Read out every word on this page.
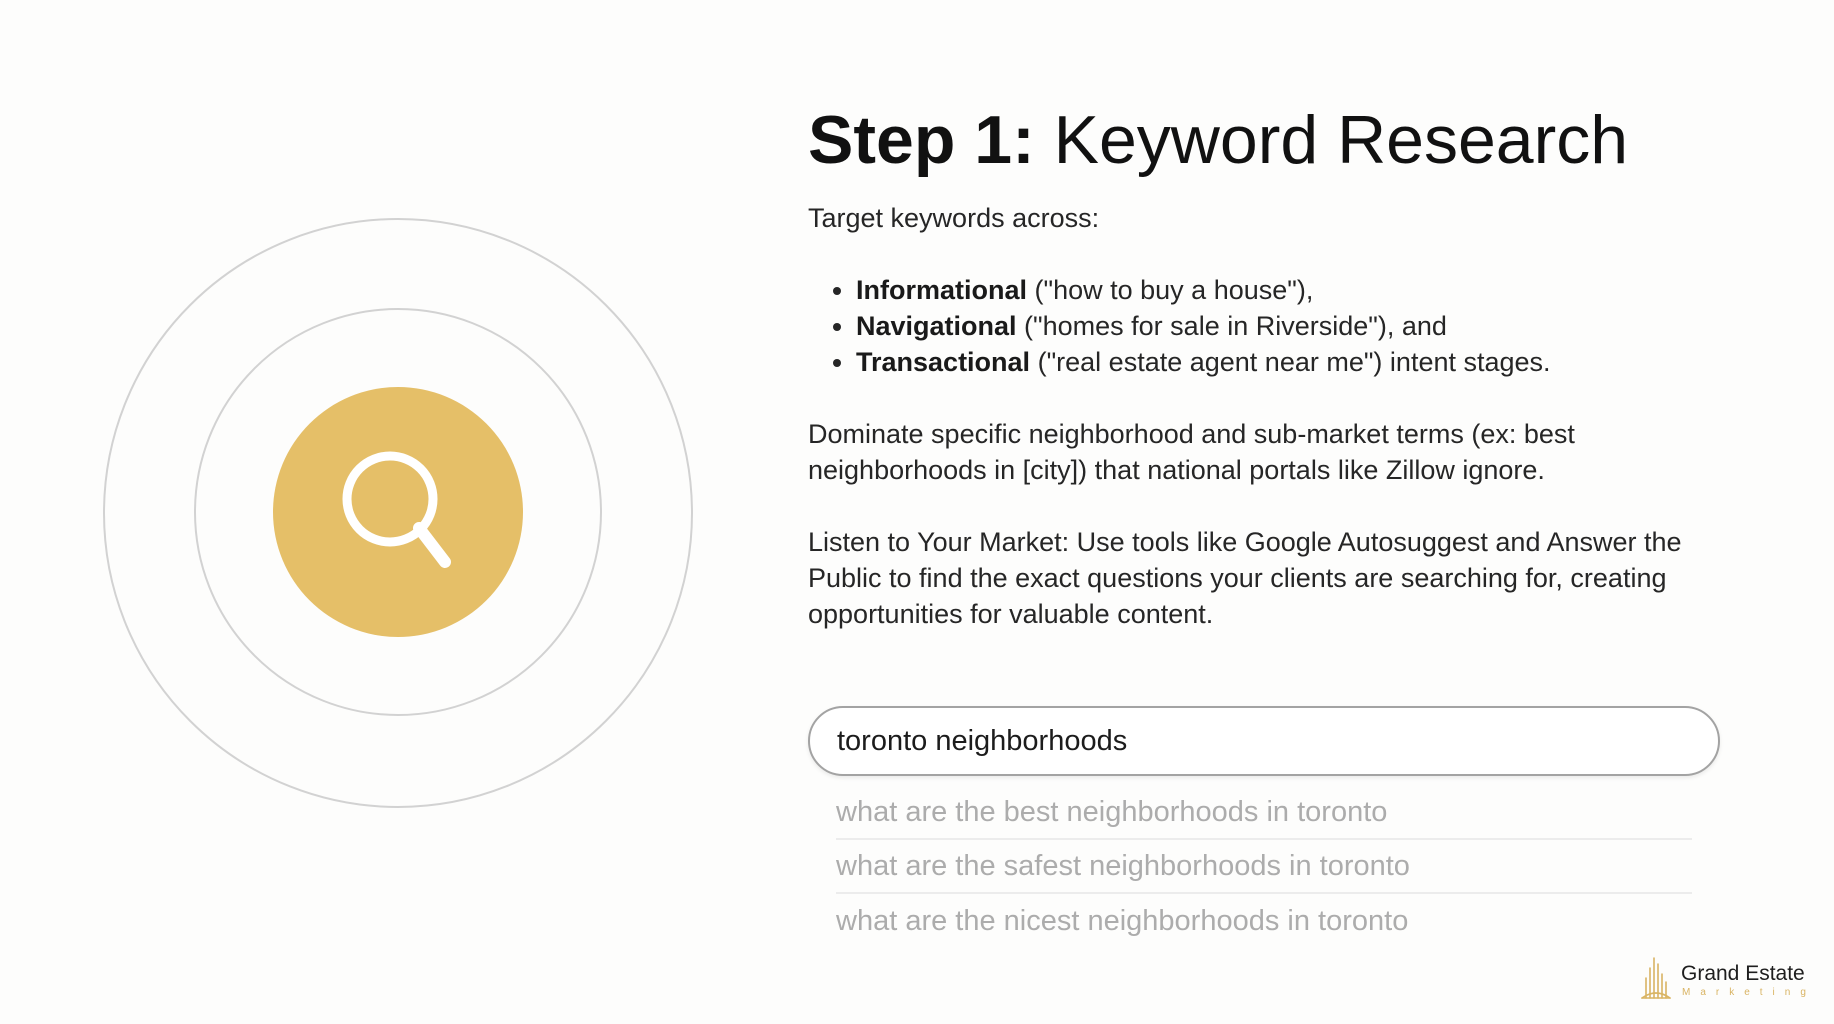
Step 1: Keyword Research

Target keywords across:

• Informational ("how to buy a house"),
• Navigational ("homes for sale in Riverside"), and
• Transactional ("real estate agent near me") intent stages.

Dominate specific neighborhood and sub-market terms (ex: best neighborhoods in [city]) that national portals like Zillow ignore.

Listen to Your Market: Use tools like Google Autosuggest and Answer the Public to find the exact questions your clients are searching for, creating opportunities for valuable content.

toronto neighborhoods
what are the best neighborhoods in toronto
what are the safest neighborhoods in toronto
what are the nicest neighborhoods in toronto
Grand Estate
Marketing
